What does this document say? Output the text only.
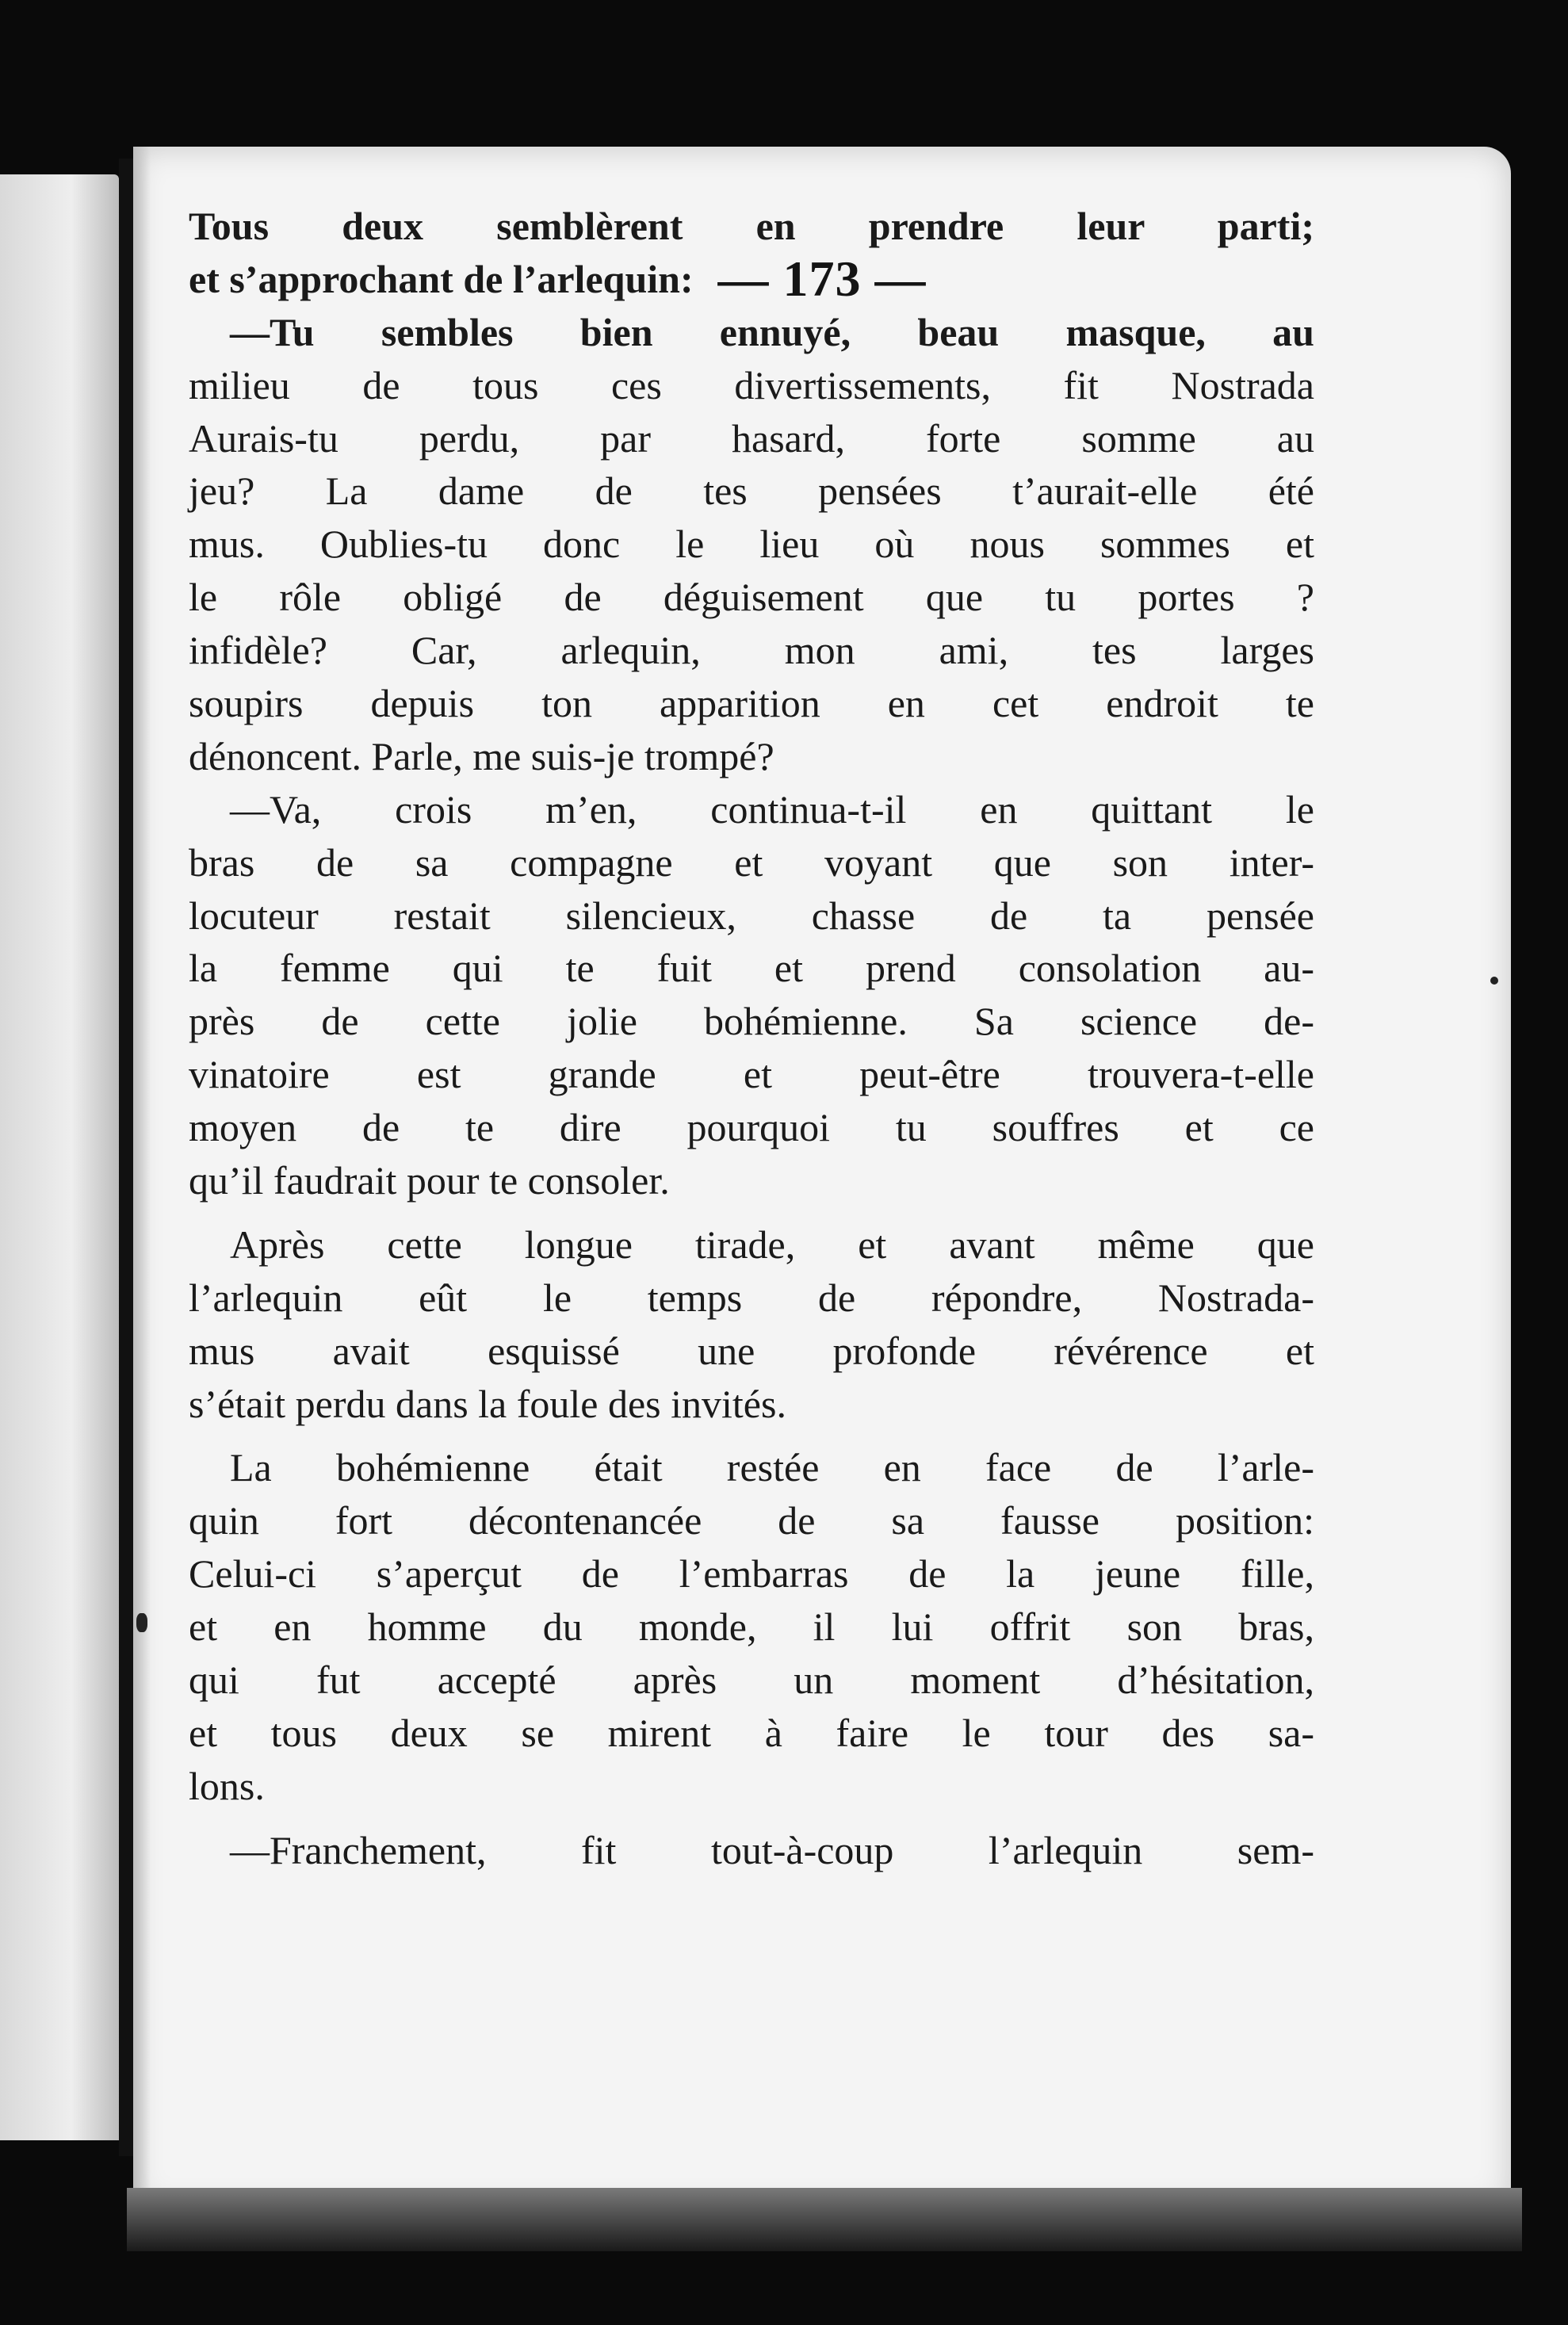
— 173 —
Tous deux semblèrent en prendre leur parti;
et s’approchant de l’arlequin:
—Tu sembles bien ennuyé, beau masque, au
milieu de tous ces divertissements, fit Nostrada
Aurais-tu perdu, par hasard, forte somme au
jeu? La dame de tes pensées t’aurait-elle été
mus. Oublies-tu donc le lieu où nous sommes et
le rôle obligé de déguisement que tu portes ?
infidèle? Car, arlequin, mon ami, tes larges
soupirs depuis ton apparition en cet endroit te
dénoncent. Parle, me suis-je trompé?
—Va, crois m’en, continua-t-il en quittant le
bras de sa compagne et voyant que son inter-
locuteur restait silencieux, chasse de ta pensée
la femme qui te fuit et prend consolation au-
près de cette jolie bohémienne. Sa science de-
vinatoire est grande et peut-être trouvera-t-elle
moyen de te dire pourquoi tu souffres et ce
qu’il faudrait pour te consoler.
Après cette longue tirade, et avant même que
l’arlequin eût le temps de répondre, Nostrada-
mus avait esquissé une profonde révérence et
s’était perdu dans la foule des invités.
La bohémienne était restée en face de l’arle-
quin fort décontenancée de sa fausse position:
Celui-ci s’aperçut de l’embarras de la jeune fille,
et en homme du monde, il lui offrit son bras,
qui fut accepté après un moment d’hésitation,
et tous deux se mirent à faire le tour des sa-
lons.
—Franchement, fit tout-à-coup l’arlequin sem-
